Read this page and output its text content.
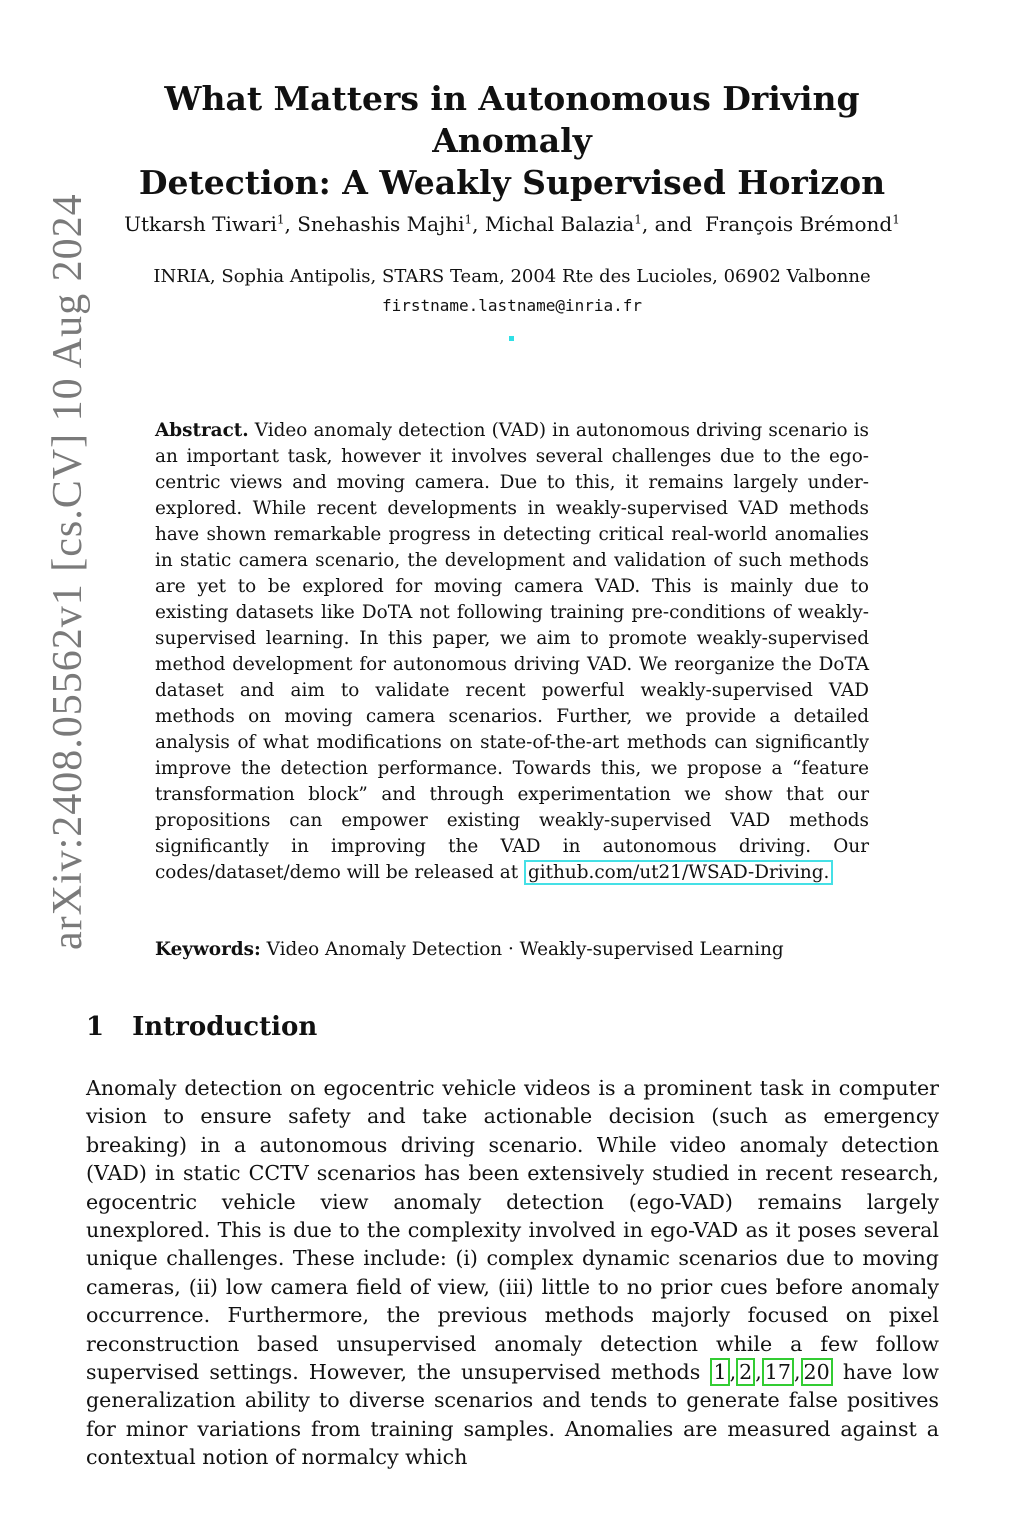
arXiv:2408.05562v1 [cs.CV] 10 Aug 2024
What Matters in Autonomous Driving Anomaly
Detection: A Weakly Supervised Horizon
Utkarsh Tiwari$^1$, Snehashis Majhi$^1$, Michal Balazia$^1$, and  François Brémond$^1$
INRIA, Sophia Antipolis, STARS Team, 2004 Rte des Lucioles, 06902 Valbonne
firstname.lastname@inria.fr
Abstract. Video anomaly detection (VAD) in autonomous driving scenario is an important task, however it involves several challenges due to the ego-centric views and moving camera. Due to this, it remains largely under-explored. While recent developments in weakly-supervised VAD methods have shown remarkable progress in detecting critical real-world anomalies in static camera scenario, the development and validation of such methods are yet to be explored for moving camera VAD. This is mainly due to existing datasets like DoTA not following training pre-conditions of weakly-supervised learning. In this paper, we aim to promote weakly-supervised method development for autonomous driving VAD. We reorganize the DoTA dataset and aim to validate recent powerful weakly-supervised VAD methods on moving camera scenarios. Further, we provide a detailed analysis of what modifications on state-of-the-art methods can significantly improve the detection performance. Towards this, we propose a “feature transformation block” and through experimentation we show that our propositions can empower existing weakly-supervised VAD methods significantly in improving the VAD in autonomous driving. Our codes/dataset/demo will be released at github.com/ut21/WSAD-Driving.
Keywords: Video Anomaly Detection · Weakly-supervised Learning
1 Introduction
Anomaly detection on egocentric vehicle videos is a prominent task in computer vision to ensure safety and take actionable decision (such as emergency breaking) in a autonomous driving scenario. While video anomaly detection (VAD) in static CCTV scenarios has been extensively studied in recent research, egocentric vehicle view anomaly detection (ego-VAD) remains largely unexplored. This is due to the complexity involved in ego-VAD as it poses several unique challenges. These include: (i) complex dynamic scenarios due to moving cameras, (ii) low camera field of view, (iii) little to no prior cues before anomaly occurrence. Furthermore, the previous methods majorly focused on pixel reconstruction based unsupervised anomaly detection while a few follow supervised settings. However, the unsupervised methods 1 , 2 , 17 , 20 have low generalization ability to diverse scenarios and tends to generate false positives for minor variations from training samples. Anomalies are measured against a contextual notion of normalcy which
